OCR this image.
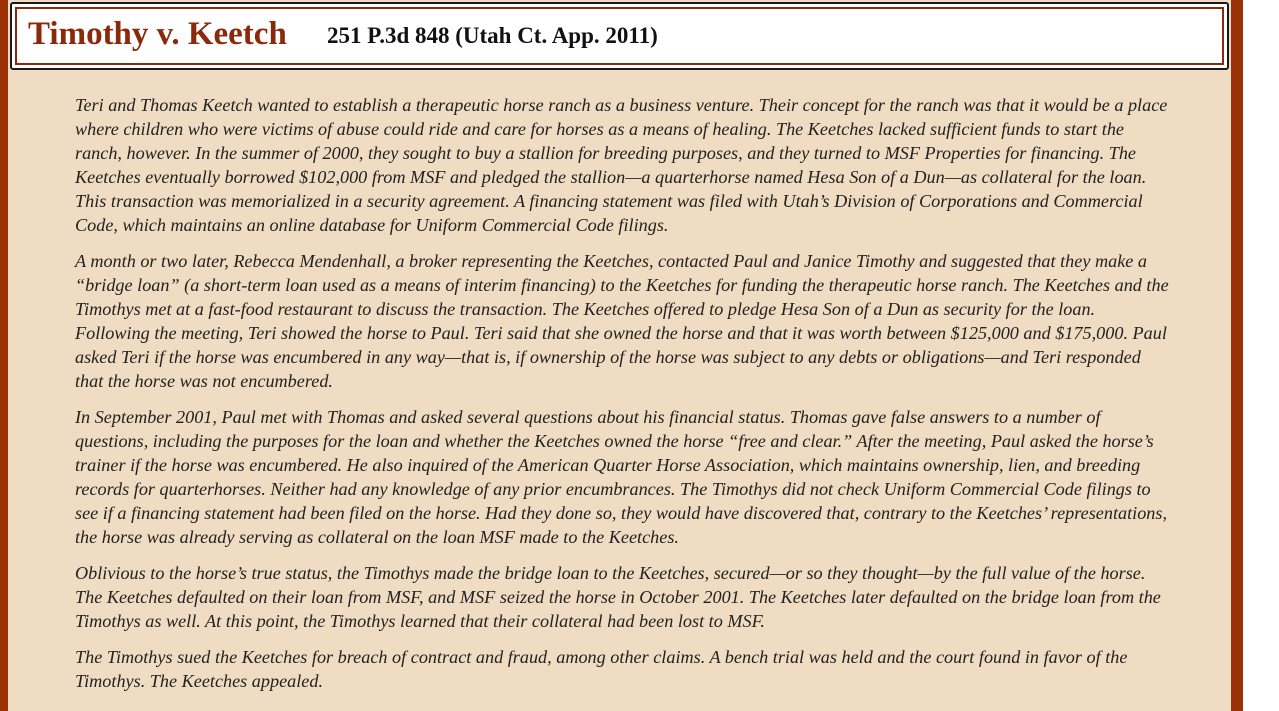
Timothy v. Keetch 251 P.3d 848 (Utah Ct. App. 2011)

Teri and Thomas Keetch wanted to establish a therapeutic horse ranch as a business venture. Their concept for the ranch was that it would be a place where children who were victims of abuse could ride and care for horses as a means of healing. The Keetches lacked sufficient funds to start the ranch, however. In the summer of 2000, they sought to buy a stallion for breeding purposes, and they turned to MSF Properties for financing. The Keetches eventually borrowed $102,000 from MSF and pledged the stallion—a quarterhorse named Hesa Son of a Dun—as collateral for the loan. This transaction was memorialized in a security agreement. A financing statement was filed with Utah’s Division of Corporations and Commercial Code, which maintains an online database for Uniform Commercial Code filings.

A month or two later, Rebecca Mendenhall, a broker representing the Keetches, contacted Paul and Janice Timothy and suggested that they make a “bridge loan” (a short-term loan used as a means of interim financing) to the Keetches for funding the therapeutic horse ranch. The Keetches and the Timothys met at a fast-food restaurant to discuss the transaction. The Keetches offered to pledge Hesa Son of a Dun as security for the loan. Following the meeting, Teri showed the horse to Paul. Teri said that she owned the horse and that it was worth between $125,000 and $175,000. Paul asked Teri if the horse was encumbered in any way—that is, if ownership of the horse was subject to any debts or obligations—and Teri responded that the horse was not encumbered.

In September 2001, Paul met with Thomas and asked several questions about his financial status. Thomas gave false answers to a number of questions, including the purposes for the loan and whether the Keetches owned the horse “free and clear.” After the meeting, Paul asked the horse’s trainer if the horse was encumbered. He also inquired of the American Quarter Horse Association, which maintains ownership, lien, and breeding records for quarterhorses. Neither had any knowledge of any prior encumbrances. The Timothys did not check Uniform Commercial Code filings to see if a financing statement had been filed on the horse. Had they done so, they would have discovered that, contrary to the Keetches’ representations, the horse was already serving as collateral on the loan MSF made to the Keetches.

Oblivious to the horse’s true status, the Timothys made the bridge loan to the Keetches, secured—or so they thought—by the full value of the horse. The Keetches defaulted on their loan from MSF, and MSF seized the horse in October 2001. The Keetches later defaulted on the bridge loan from the Timothys as well. At this point, the Timothys learned that their collateral had been lost to MSF.

The Timothys sued the Keetches for breach of contract and fraud, among other claims. A bench trial was held and the court found in favor of the Timothys. The Keetches appealed.
